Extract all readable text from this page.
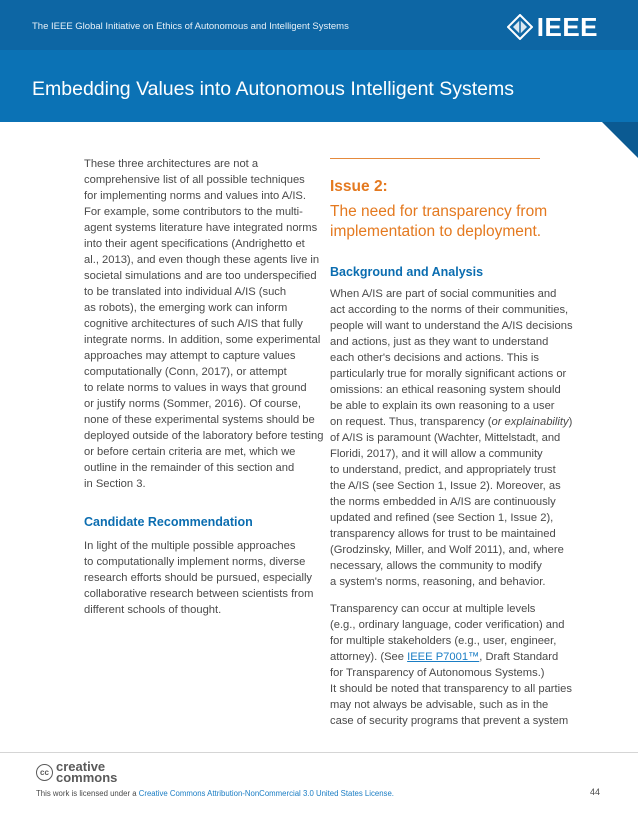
The IEEE Global Initiative on Ethics of Autonomous and Intelligent Systems	IEEE
Embedding Values into Autonomous Intelligent Systems
These three architectures are not a
comprehensive list of all possible techniques
for implementing norms and values into A/IS.
For example, some contributors to the multi-
agent systems literature have integrated norms
into their agent specifications (Andrighetto et
al., 2013), and even though these agents live in
societal simulations and are too underspecified
to be translated into individual A/IS (such
as robots), the emerging work can inform
cognitive architectures of such A/IS that fully
integrate norms. In addition, some experimental
approaches may attempt to capture values
computationally (Conn, 2017), or attempt
to relate norms to values in ways that ground
or justify norms (Sommer, 2016). Of course,
none of these experimental systems should be
deployed outside of the laboratory before testing
or before certain criteria are met, which we
outline in the remainder of this section and
in Section 3.
Candidate Recommendation
In light of the multiple possible approaches
to computationally implement norms, diverse
research efforts should be pursued, especially
collaborative research between scientists from
different schools of thought.
Issue 2:
The need for transparency from
implementation to deployment.
Background and Analysis
When A/IS are part of social communities and
act according to the norms of their communities,
people will want to understand the A/IS decisions
and actions, just as they want to understand
each other's decisions and actions. This is
particularly true for morally significant actions or
omissions: an ethical reasoning system should
be able to explain its own reasoning to a user
on request. Thus, transparency (or explainability)
of A/IS is paramount (Wachter, Mittelstadt, and
Floridi, 2017), and it will allow a community
to understand, predict, and appropriately trust
the A/IS (see Section 1, Issue 2). Moreover, as
the norms embedded in A/IS are continuously
updated and refined (see Section 1, Issue 2),
transparency allows for trust to be maintained
(Grodzinsky, Miller, and Wolf 2011), and, where
necessary, allows the community to modify
a system's norms, reasoning, and behavior.
Transparency can occur at multiple levels
(e.g., ordinary language, coder verification) and
for multiple stakeholders (e.g., user, engineer,
attorney). (See IEEE P7001™, Draft Standard
for Transparency of Autonomous Systems.)
It should be noted that transparency to all parties
may not always be advisable, such as in the
case of security programs that prevent a system
cc creative
commons
This work is licensed under a Creative Commons Attribution-NonCommercial 3.0 United States License.	44
